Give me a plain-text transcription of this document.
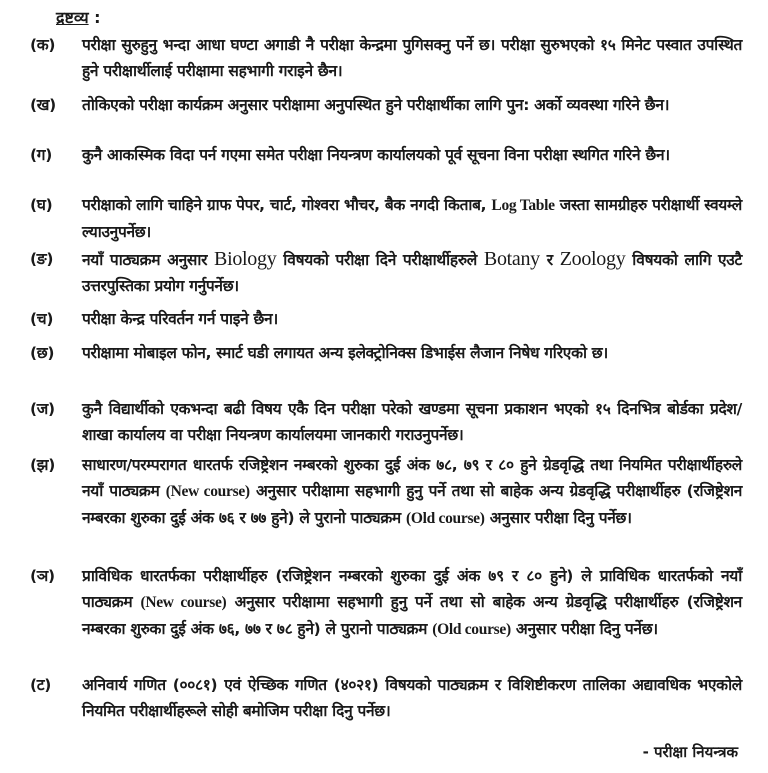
द्रष्टव्य :
(क)	परीक्षा सुरुहुनु भन्दा आधा घण्टा अगाडी नै परीक्षा केन्द्रमा पुगिसक्नु पर्ने छ। परीक्षा सुरुभएको १५ मिनेट पस्वात उपस्थित हुने परीक्षार्थीलाई परीक्षामा सहभागी गराइने छैन।
(ख)	तोकिएको परीक्षा कार्यक्रम अनुसार परीक्षामा अनुपस्थित हुने परीक्षार्थीका लागि पुन: अर्को व्यवस्था गरिने छैन।
(ग)	कुनै आकस्मिक विदा पर्न गएमा समेत परीक्षा नियन्त्रण कार्यालयको पूर्व सूचना विना परीक्षा स्थगित गरिने छैन।
(घ)	परीक्षाको लागि चाहिने ग्राफ पेपर, चार्ट, गोश्वरा भौचर, बैक नगदी किताब, Log Table जस्ता सामग्रीहरु परीक्षार्थी स्वयम्ले ल्याउनुपर्नेछ।
(ङ)	नयाँ पाठ्यक्रम अनुसार Biology विषयको परीक्षा दिने परीक्षार्थीहरुले Botany र Zoology विषयको लागि एउटै उत्तरपुस्तिका प्रयोग गर्नुपर्नेछ।
(च)	परीक्षा केन्द्र परिवर्तन गर्न पाइने छैन।
(छ)	परीक्षामा मोबाइल फोन, स्मार्ट घडी लगायत अन्य इलेक्ट्रोनिक्स डिभाईस लैजान निषेध गरिएको छ।
(ज)	कुनै विद्यार्थीको एकभन्दा बढी विषय एकै दिन परीक्षा परेको खण्डमा सूचना प्रकाशन भएको १५ दिनभित्र बोर्डका प्रदेश/शाखा कार्यालय वा परीक्षा नियन्त्रण कार्यालयमा जानकारी गराउनुपर्नेछ।
(झ)	साधारण/परम्परागत धारतर्फ रजिष्ट्रेशन नम्बरको शुरुका दुई अंक ७८, ७९ र ८० हुने ग्रेडवृद्धि तथा नियमित परीक्षार्थीहरुले नयाँ पाठ्यक्रम (New course) अनुसार परीक्षामा सहभागी हुनु पर्ने तथा सो बाहेक अन्य ग्रेडवृद्धि परीक्षार्थीहरु (रजिष्ट्रेशन नम्बरका शुरुका दुई अंक ७६ र ७७ हुने) ले पुरानो पाठ्यक्रम (Old course) अनुसार परीक्षा दिनु पर्नेछ।
(ञ)	प्राविधिक धारतर्फका परीक्षार्थीहरु (रजिष्ट्रेशन नम्बरको शुरुका दुई अंक ७९ र ८० हुने) ले प्राविधिक धारतर्फको नयाँ पाठ्यक्रम (New course) अनुसार परीक्षामा सहभागी हुनु पर्ने तथा सो बाहेक अन्य ग्रेडवृद्धि परीक्षार्थीहरु (रजिष्ट्रेशन नम्बरका शुरुका दुई अंक ७६, ७७ र ७८ हुने) ले पुरानो पाठ्यक्रम (Old course) अनुसार परीक्षा दिनु पर्नेछ।
(ट)	अनिवार्य गणित (००८१) एवं ऐच्छिक गणित (४०२१) विषयको पाठ्यक्रम र विशिष्टीकरण तालिका अद्यावधिक भएकोले नियमित परीक्षार्थीहरूले सोही बमोजिम परीक्षा दिनु पर्नेछ।
- परीक्षा नियन्त्रक
